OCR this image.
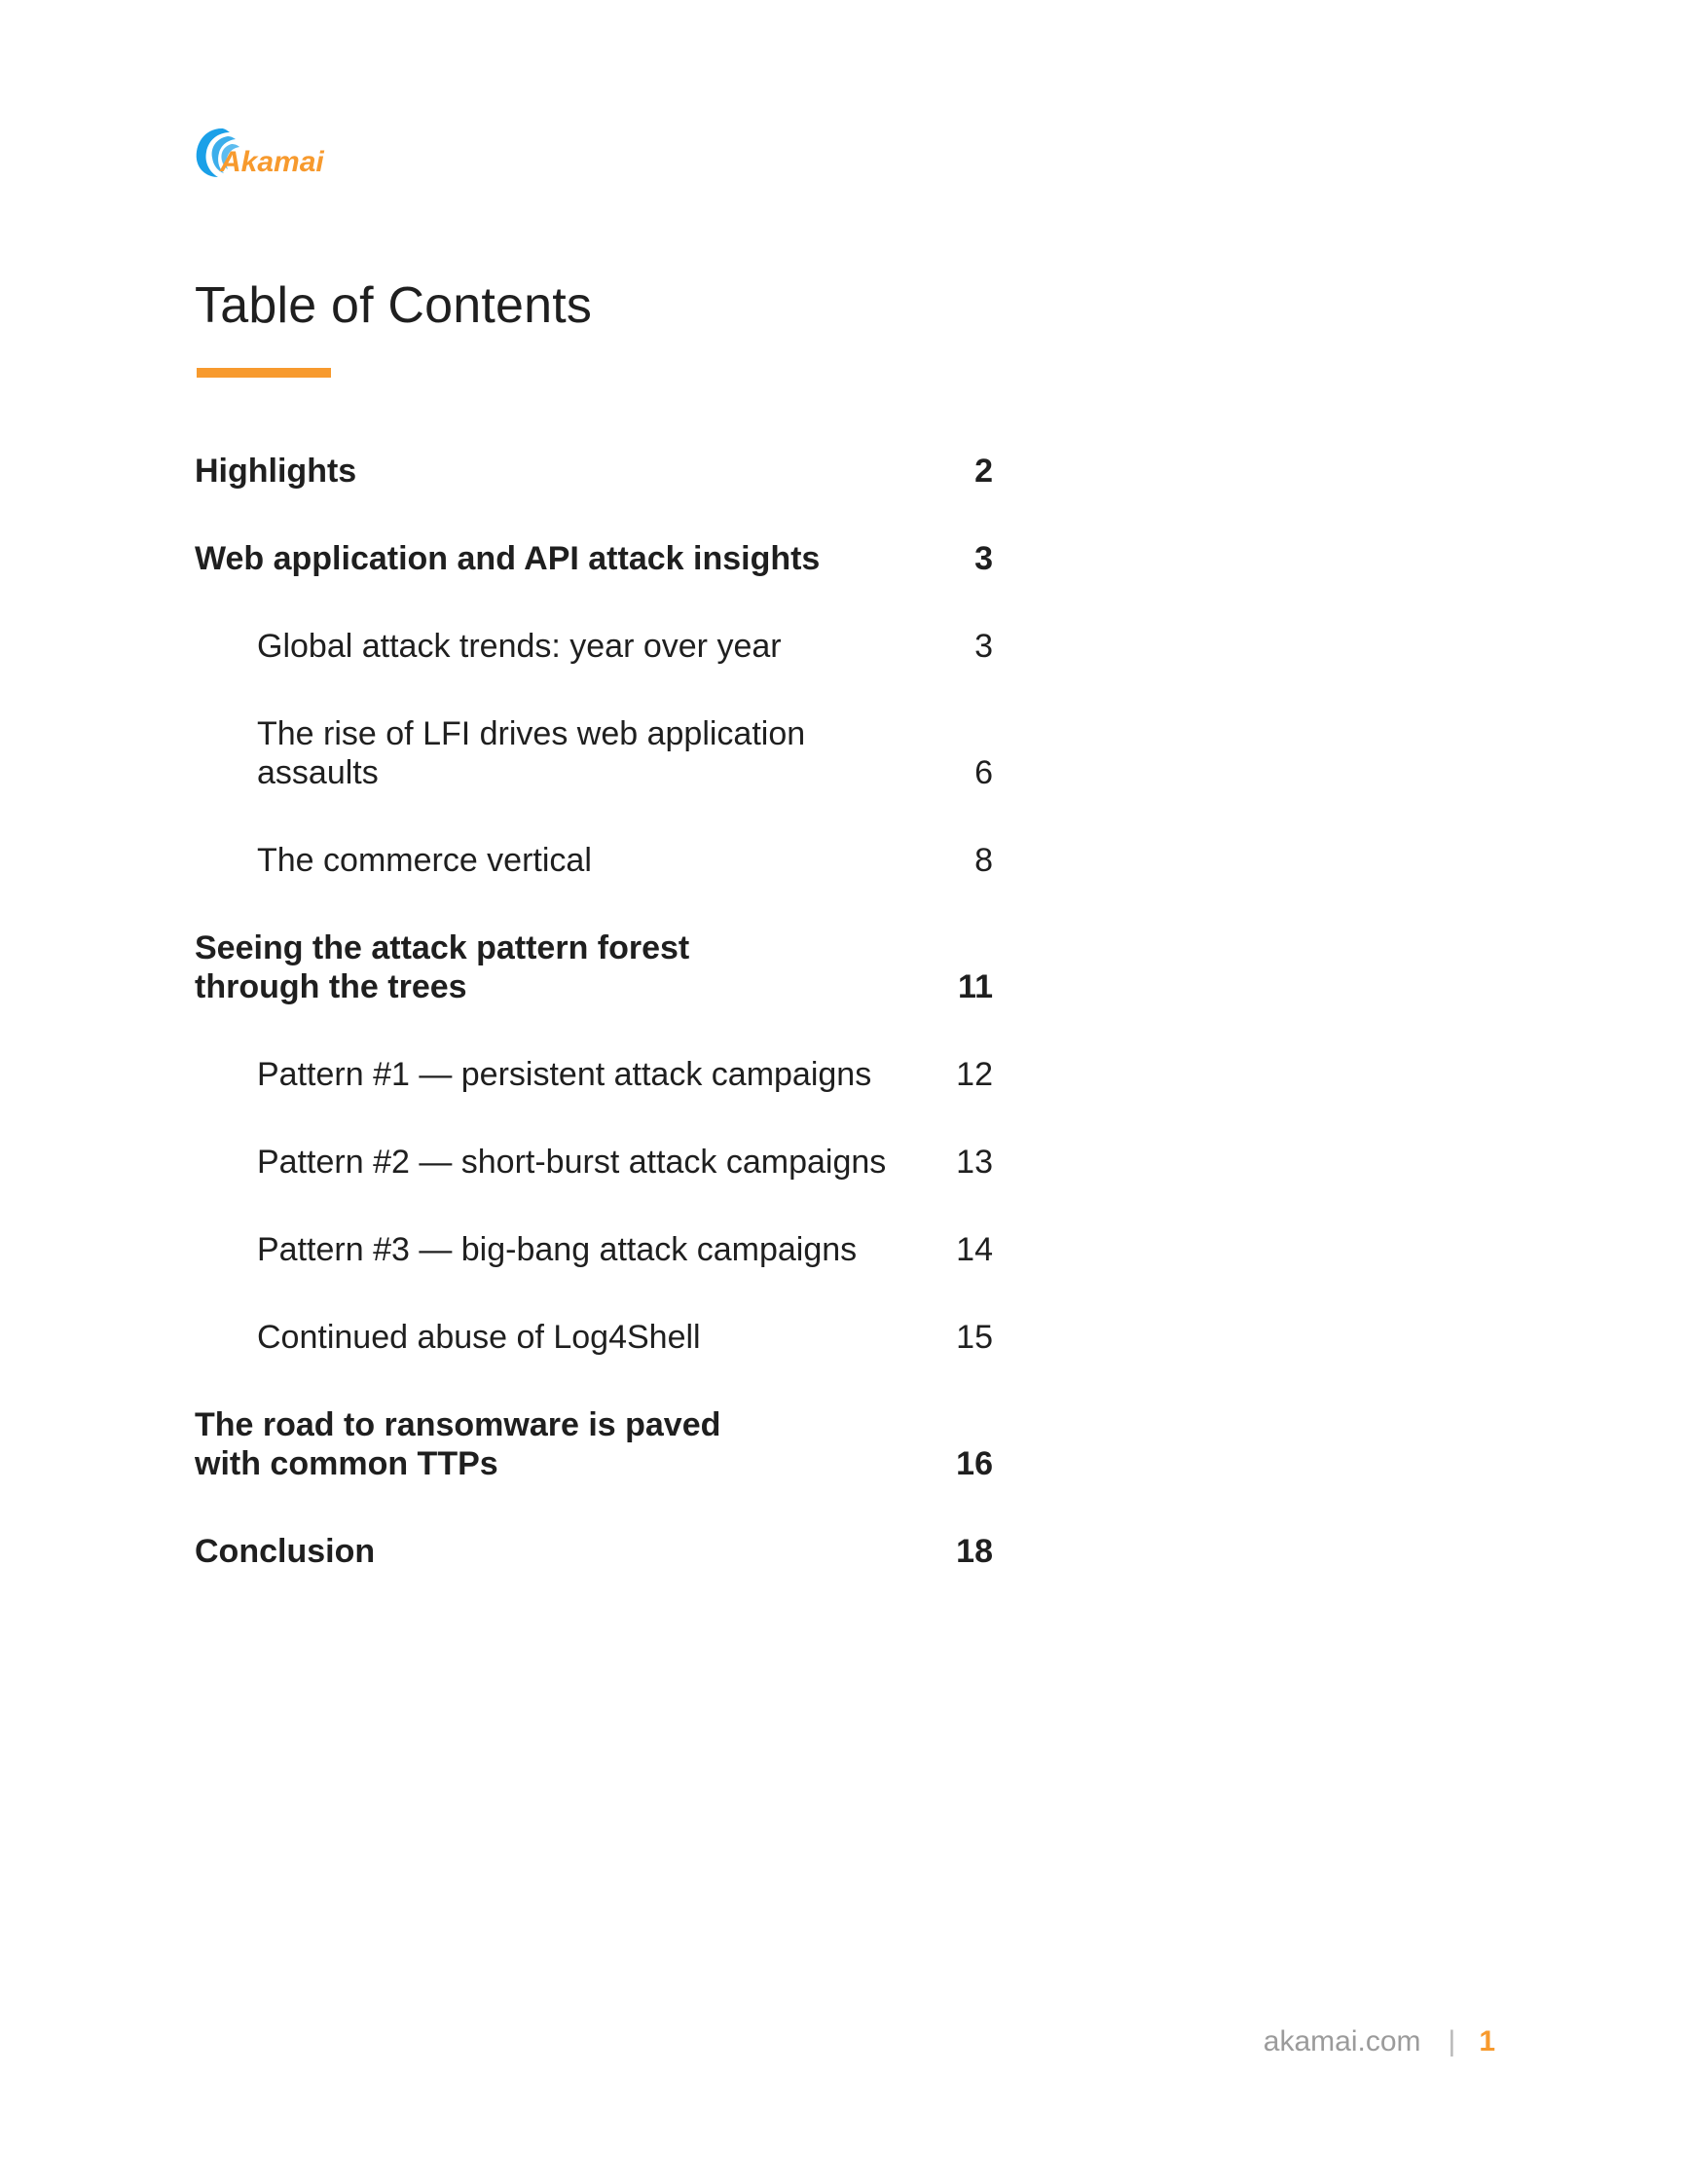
Akamai
Table of Contents
Highlights	2
Web application and API attack insights	3
Global attack trends: year over year	3
The rise of LFI drives web application assaults	6
The commerce vertical	8
Seeing the attack pattern forest through the trees	11
Pattern #1 — persistent attack campaigns	12
Pattern #2 — short-burst attack campaigns	13
Pattern #3 — big-bang attack campaigns	14
Continued abuse of Log4Shell	15
The road to ransomware is paved with common TTPs	16
Conclusion	18
akamai.com | 1
